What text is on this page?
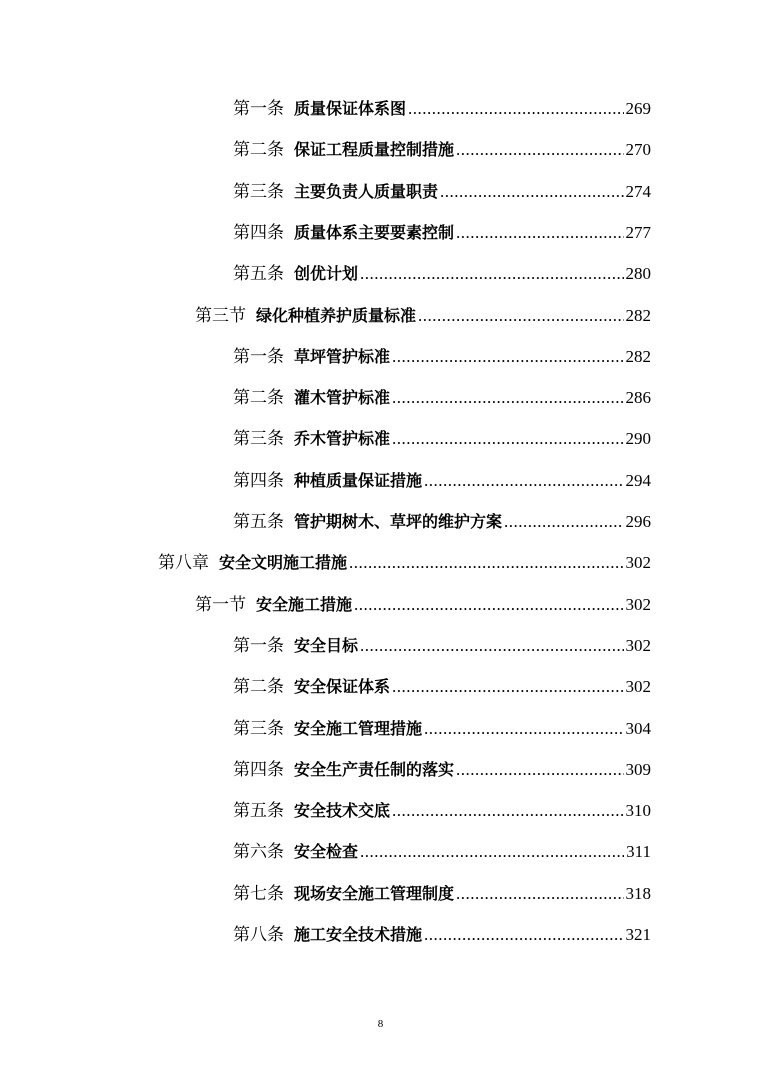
第一条 质量保证体系图 .....	269
第二条 保证工程质量控制措施 .....	270
第三条 主要负责人质量职责 .....	274
第四条 质量体系主要要素控制 .....	277
第五条 创优计划 .....	280
第三节 绿化种植养护质量标准 .....	282
第一条 草坪管护标准 .....	282
第二条 灌木管护标准 .....	286
第三条 乔木管护标准 .....	290
第四条 种植质量保证措施 .....	294
第五条 管护期树木、草坪的维护方案 .....	296
第八章 安全文明施工措施 .....	302
第一节 安全施工措施 .....	302
第一条 安全目标 .....	302
第二条 安全保证体系 .....	302
第三条 安全施工管理措施 .....	304
第四条 安全生产责任制的落实 .....	309
第五条 安全技术交底 .....	310
第六条 安全检查 .....	311
第七条 现场安全施工管理制度 .....	318
第八条 施工安全技术措施 .....	321
8
